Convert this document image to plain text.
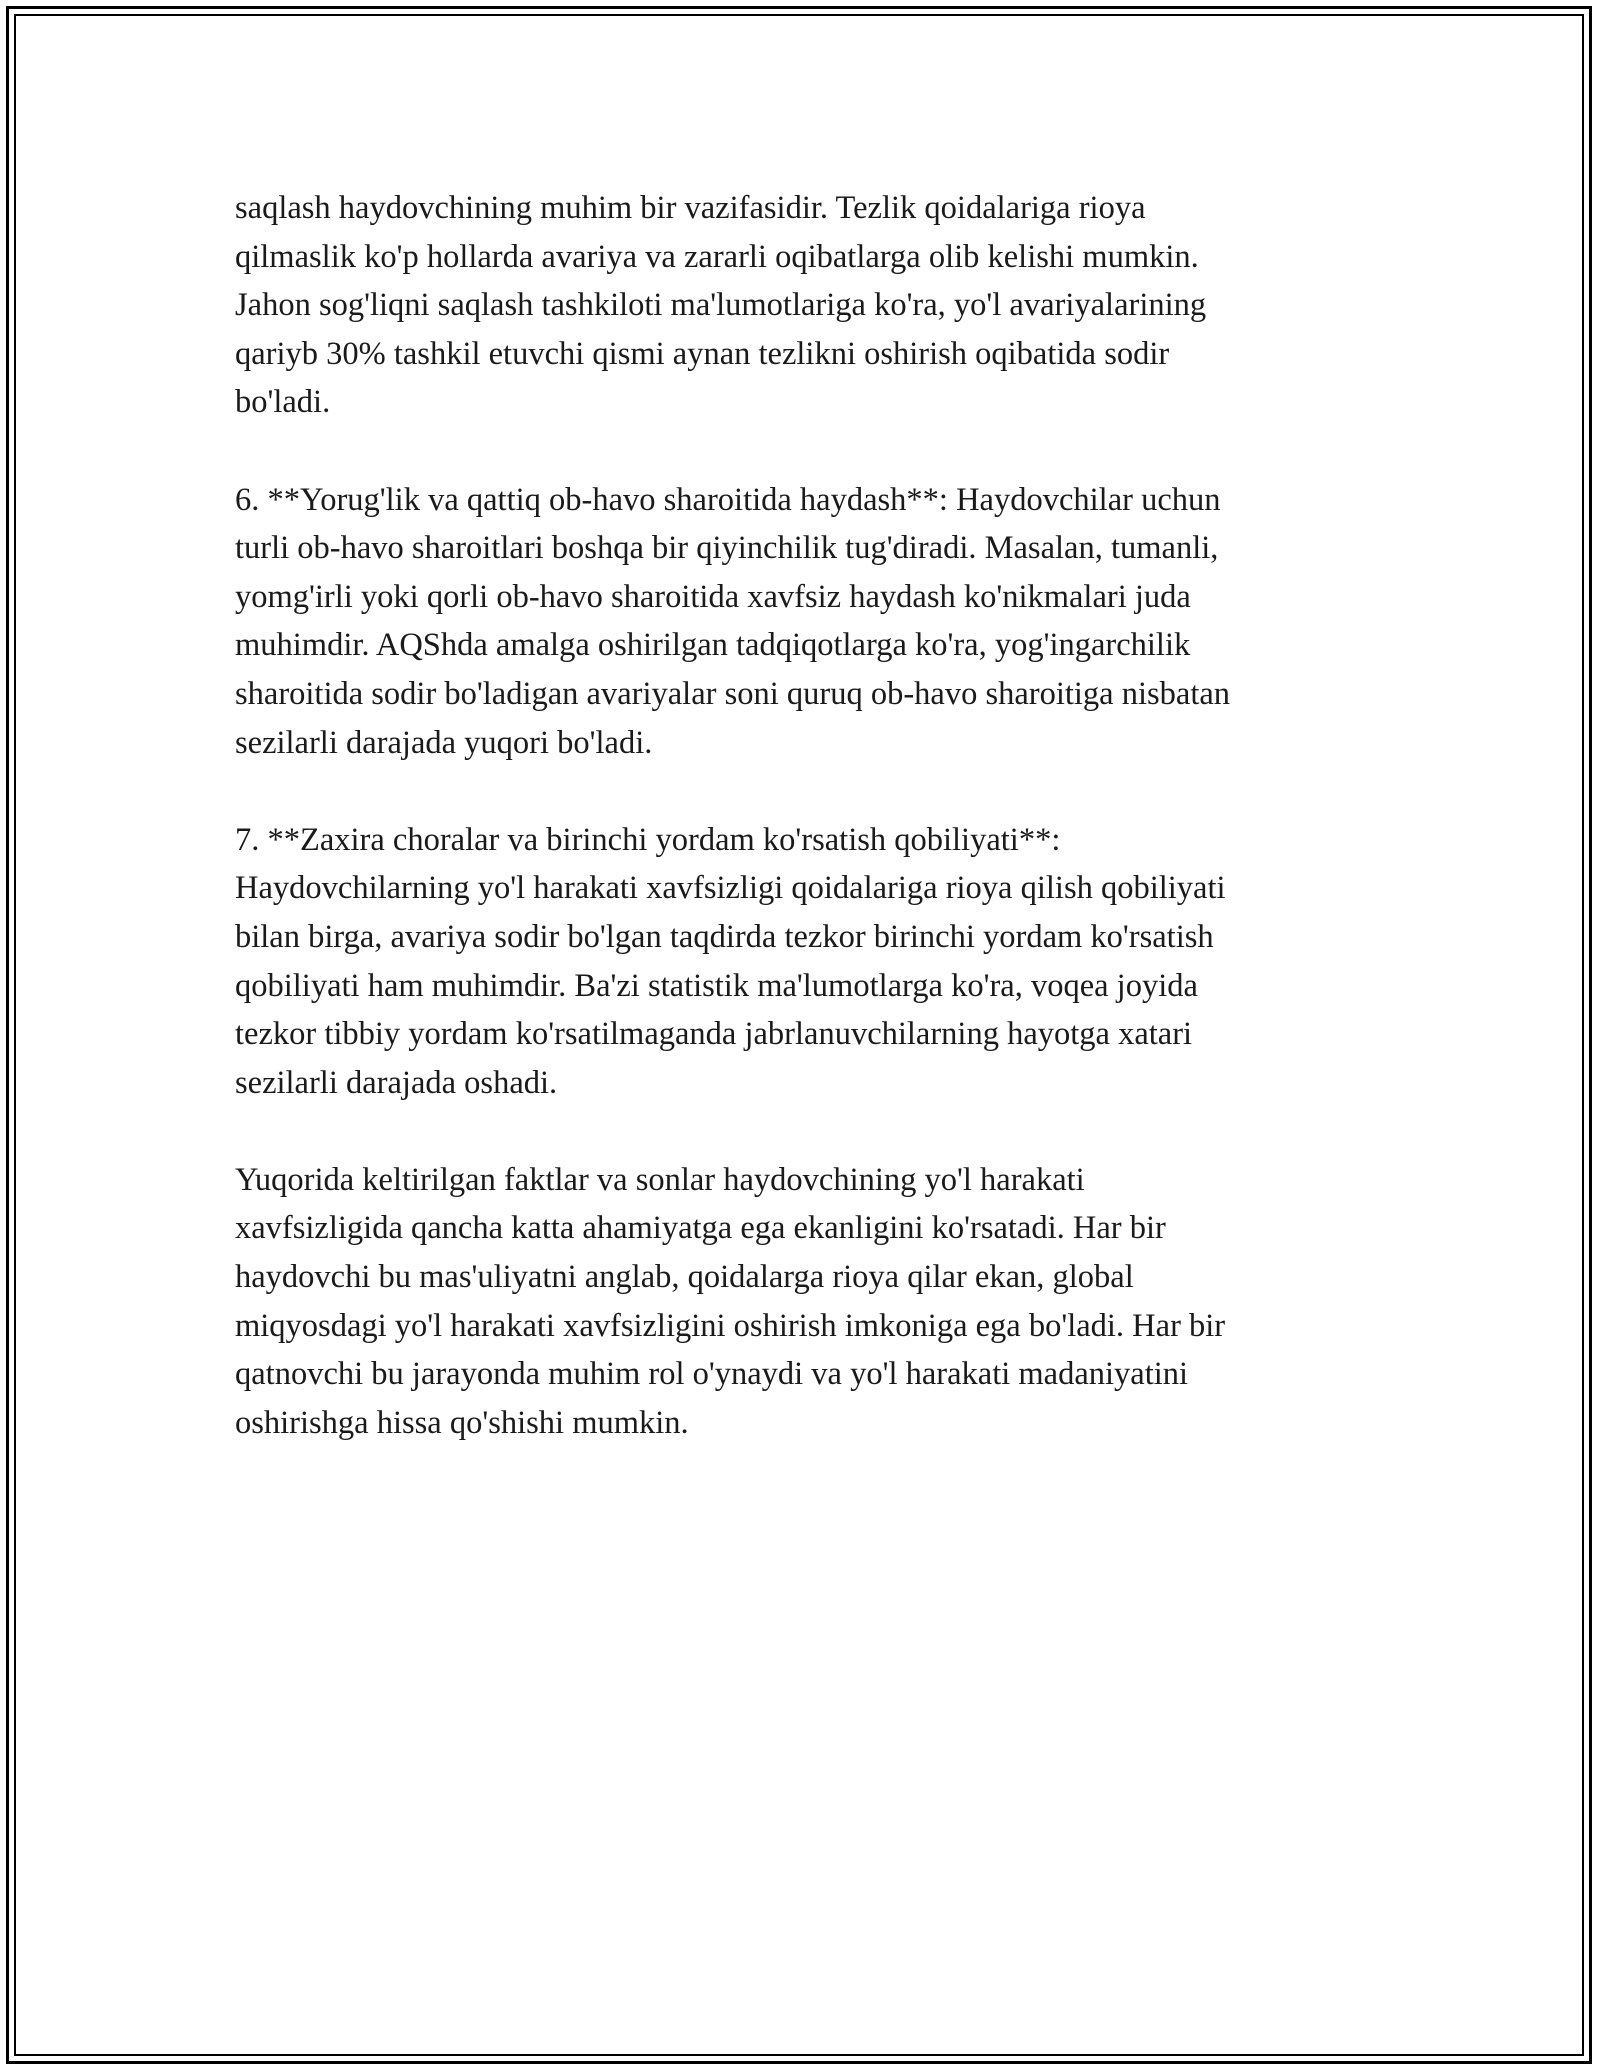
saqlash haydovchining muhim bir vazifasidir. Tezlik qoidalariga rioya
qilmaslik ko'p hollarda avariya va zararli oqibatlarga olib kelishi mumkin.
Jahon sog'liqni saqlash tashkiloti ma'lumotlariga ko'ra, yo'l avariyalarining
qariyb 30% tashkil etuvchi qismi aynan tezlikni oshirish oqibatida sodir
bo'ladi.

6. **Yorug'lik va qattiq ob-havo sharoitida haydash**: Haydovchilar uchun
turli ob-havo sharoitlari boshqa bir qiyinchilik tug'diradi. Masalan, tumanli,
yomg'irli yoki qorli ob-havo sharoitida xavfsiz haydash ko'nikmalari juda
muhimdir. AQShda amalga oshirilgan tadqiqotlarga ko'ra, yog'ingarchilik
sharoitida sodir bo'ladigan avariyalar soni quruq ob-havo sharoitiga nisbatan
sezilarli darajada yuqori bo'ladi.

7. **Zaxira choralar va birinchi yordam ko'rsatish qobiliyati**:
Haydovchilarning yo'l harakati xavfsizligi qoidalariga rioya qilish qobiliyati
bilan birga, avariya sodir bo'lgan taqdirda tezkor birinchi yordam ko'rsatish
qobiliyati ham muhimdir. Ba'zi statistik ma'lumotlarga ko'ra, voqea joyida
tezkor tibbiy yordam ko'rsatilmaganda jabrlanuvchilarning hayotga xatari
sezilarli darajada oshadi.

Yuqorida keltirilgan faktlar va sonlar haydovchining yo'l harakati
xavfsizligida qancha katta ahamiyatga ega ekanligini ko'rsatadi. Har bir
haydovchi bu mas'uliyatni anglab, qoidalarga rioya qilar ekan, global
miqyosdagi yo'l harakati xavfsizligini oshirish imkoniga ega bo'ladi. Har bir
qatnovchi bu jarayonda muhim rol o'ynaydi va yo'l harakati madaniyatini
oshirishga hissa qo'shishi mumkin.
